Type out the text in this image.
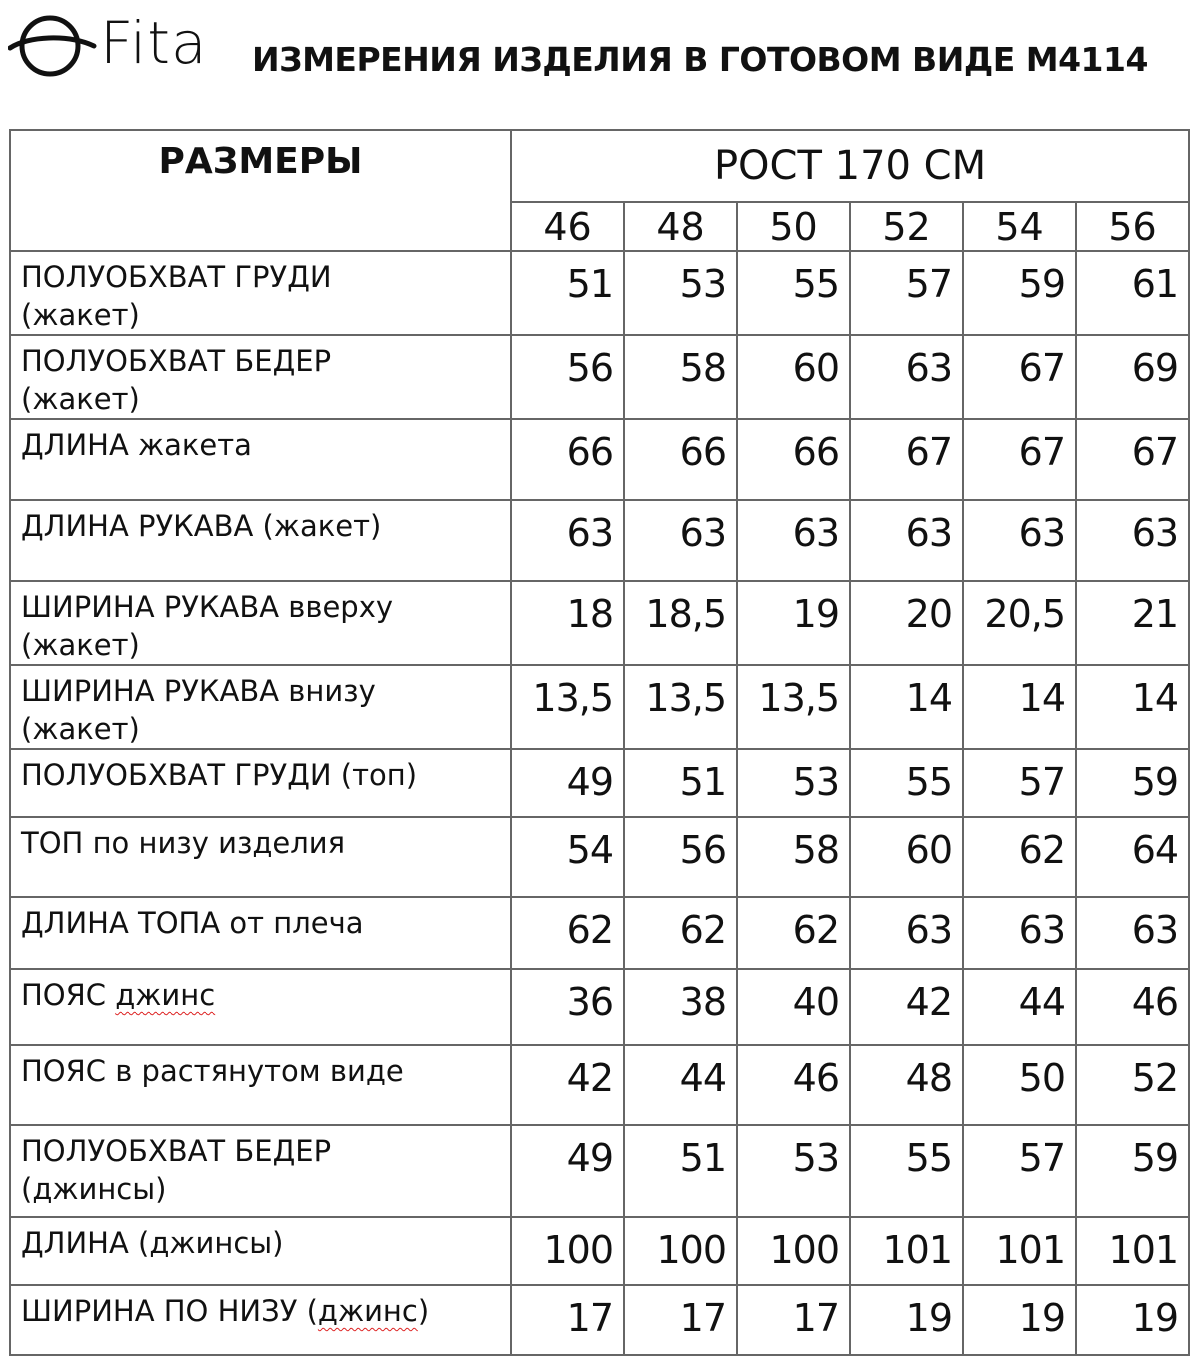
Fita ИЗМЕРЕНИЯ ИЗДЕЛИЯ В ГОТОВОМ ВИДЕ М4114
РАЗМЕРЫ	РОСТ 170 СМ					
	46	48	50	52	54	56
ПОЛУОБХВАТ ГРУДИ
(жакет)	51	53	55	57	59	61
ПОЛУОБХВАТ БЕДЕР
(жакет)	56	58	60	63	67	69
ДЛИНА жакета	66	66	66	67	67	67
ДЛИНА РУКАВА (жакет)	63	63	63	63	63	63
ШИРИНА РУКАВА вверху
(жакет)	18	18,5	19	20	20,5	21
ШИРИНА РУКАВА внизу
(жакет)	13,5	13,5	13,5	14	14	14
ПОЛУОБХВАТ ГРУДИ (топ)	49	51	53	55	57	59
ТОП по низу изделия	54	56	58	60	62	64
ДЛИНА ТОПА от плеча	62	62	62	63	63	63
ПОЯС джинс	36	38	40	42	44	46
ПОЯС в растянутом виде	42	44	46	48	50	52
ПОЛУОБХВАТ БЕДЕР
(джинсы)	49	51	53	55	57	59
ДЛИНА (джинсы)	100	100	100	101	101	101
ШИРИНА ПО НИЗУ (джинс)	17	17	17	19	19	19
